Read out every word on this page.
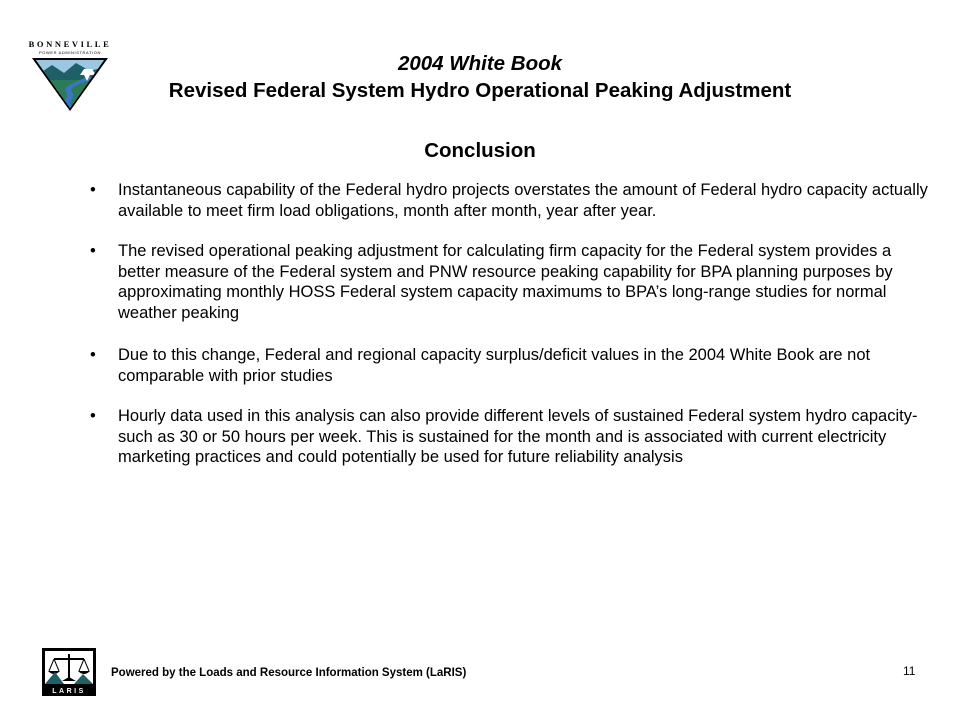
BONNEVILLE
POWER ADMINISTRATION	2004 White Book
Revised Federal System Hydro Operational Peaking Adjustment
Conclusion
• Instantaneous capability of the Federal hydro projects overstates the amount of Federal hydro capacity actually available to meet firm load obligations, month after month, year after year.
• The revised operational peaking adjustment for calculating firm capacity for the Federal system provides a better measure of the Federal system and PNW resource peaking capability for BPA planning purposes by approximating monthly HOSS Federal system capacity maximums to BPA’s long-range studies for normal weather peaking
• Due to this change, Federal and regional capacity surplus/deficit values in the 2004 White Book are not comparable with prior studies
• Hourly data used in this analysis can also provide different levels of sustained Federal system hydro capacity-such as 30 or 50 hours per week. This is sustained for the month and is associated with current electricity marketing practices and could potentially be used for future reliability analysis
LARIS
Powered by the Loads and Resource Information System (LaRIS)	11
